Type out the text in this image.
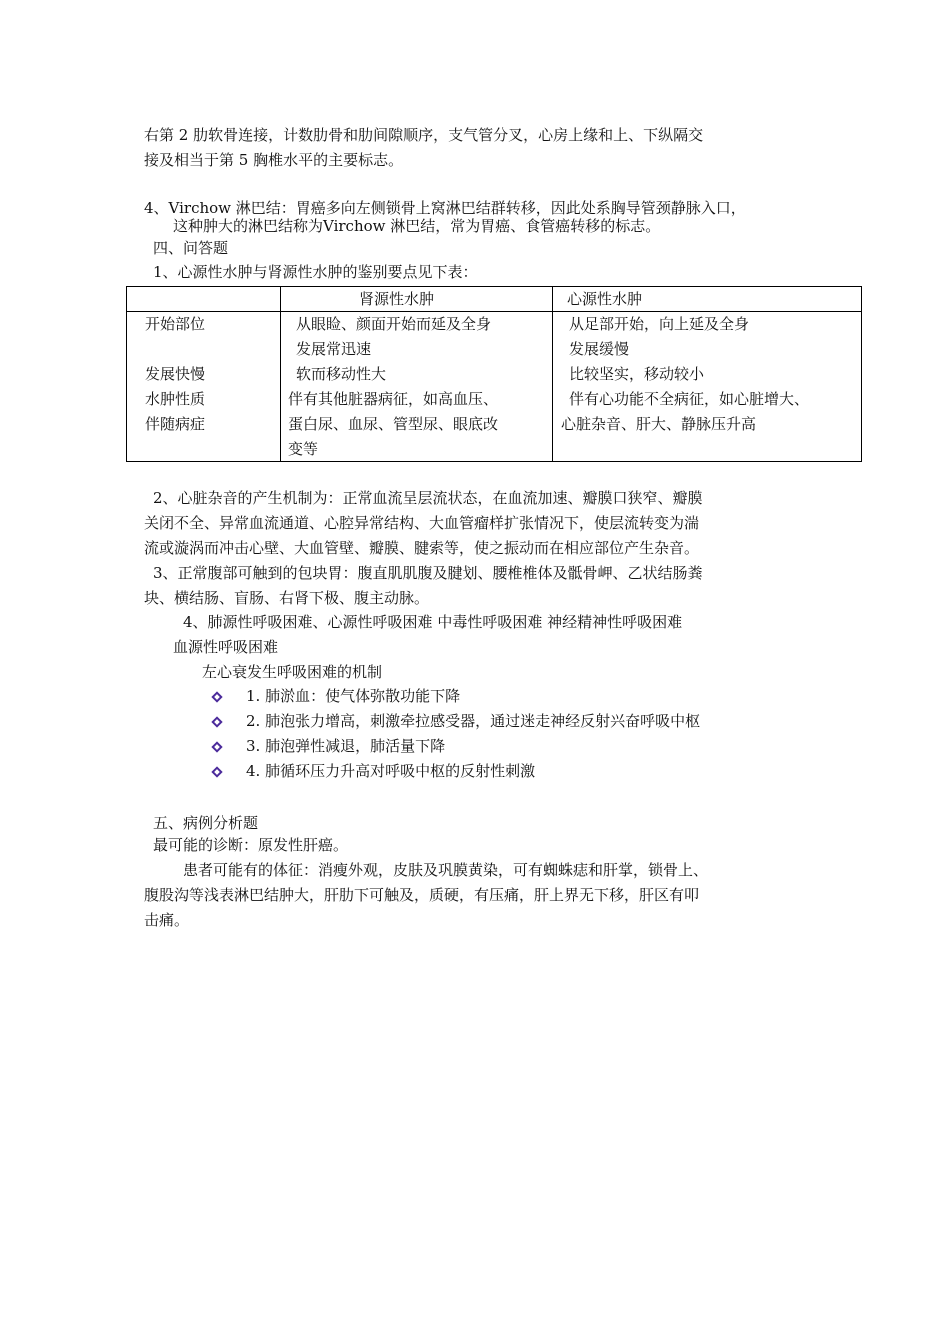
右第 2 肋软骨连接，计数肋骨和肋间隙顺序，支气管分叉，心房上缘和上、下纵隔交
接及相当于第 5 胸椎水平的主要标志。
4、Virchow 淋巴结：胃癌多向左侧锁骨上窝淋巴结群转移，因此处系胸导管颈静脉入口，
这种肿大的淋巴结称为Virchow 淋巴结，常为胃癌、食管癌转移的标志。
四、问答题
1、心源性水肿与肾源性水肿的鉴别要点见下表：
肾源性水肿	心源性水肿
开始部位
发展快慢
水肿性质
伴随病症
从眼睑、颜面开始而延及全身
发展常迅速
软而移动性大
伴有其他脏器病征，如高血压、
蛋白尿、血尿、管型尿、眼底改
变等
从足部开始，向上延及全身
发展缓慢
比较坚实，移动较小
伴有心功能不全病征，如心脏增大、
心脏杂音、肝大、静脉压升高
2、心脏杂音的产生机制为：正常血流呈层流状态，在血流加速、瓣膜口狭窄、瓣膜
关闭不全、异常血流通道、心腔异常结构、大血管瘤样扩张情况下，使层流转变为湍
流或漩涡而冲击心壁、大血管壁、瓣膜、腱索等，使之振动而在相应部位产生杂音。
3、正常腹部可触到的包块胃：腹直肌肌腹及腱划、腰椎椎体及骶骨岬、乙状结肠粪
块、横结肠、盲肠、右肾下极、腹主动脉。
4、肺源性呼吸困难、心源性呼吸困难 中毒性呼吸困难 神经精神性呼吸困难
血源性呼吸困难
左心衰发生呼吸困难的机制
1. 肺淤血：使气体弥散功能下降
2. 肺泡张力增高，刺激牵拉感受器，通过迷走神经反射兴奋呼吸中枢
3. 肺泡弹性减退，肺活量下降
4. 肺循环压力升高对呼吸中枢的反射性刺激
五、病例分析题
最可能的诊断：原发性肝癌。
患者可能有的体征：消瘦外观，皮肤及巩膜黄染，可有蜘蛛痣和肝掌，锁骨上、
腹股沟等浅表淋巴结肿大，肝肋下可触及，质硬，有压痛，肝上界无下移，肝区有叩
击痛。
